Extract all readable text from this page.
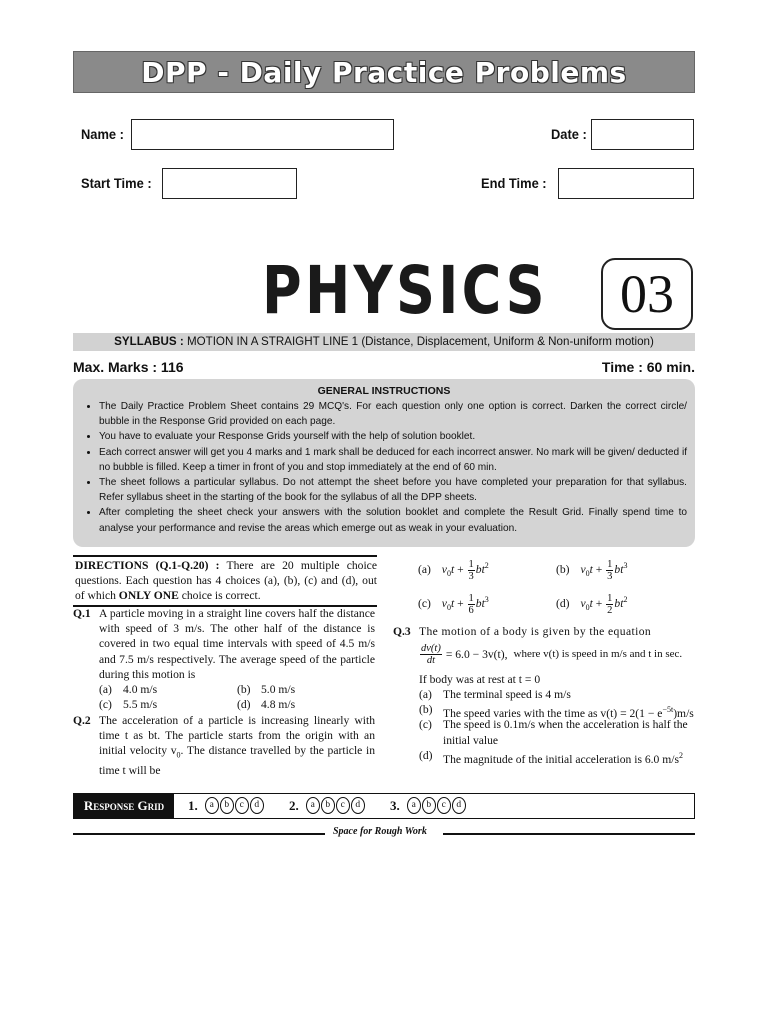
DPP - Daily Practice Problems
Name :	Date :
Start Time :	End Time :
PHYSICS	03
SYLLABUS : MOTION IN A STRAIGHT LINE 1 (Distance, Displacement, Uniform & Non-uniform motion)
Max. Marks : 116	Time : 60 min.
GENERAL INSTRUCTIONS
• The Daily Practice Problem Sheet contains 29 MCQ's. For each question only one option is correct. Darken the correct circle/ bubble in the Response Grid provided on each page.
• You have to evaluate your Response Grids yourself with the help of solution booklet.
• Each correct answer will get you 4 marks and 1 mark shall be deduced for each incorrect answer. No mark will be given/ deducted if no bubble is filled. Keep a timer in front of you and stop immediately at the end of 60 min.
• The sheet follows a particular syllabus. Do not attempt the sheet before you have completed your preparation for that syllabus. Refer syllabus sheet in the starting of the book for the syllabus of all the DPP sheets.
• After completing the sheet check your answers with the solution booklet and complete the Result Grid. Finally spend time to analyse your performance and revise the areas which emerge out as weak in your evaluation.
DIRECTIONS (Q.1-Q.20) : There are 20 multiple choice questions. Each question has 4 choices (a), (b), (c) and (d), out of which ONLY ONE choice is correct.
Q.1 A particle moving in a straight line covers half the distance with speed of 3 m/s. The other half of the distance is covered in two equal time intervals with speed of 4.5 m/s and 7.5 m/s respectively. The average speed of the particle during this motion is
(a) 4.0 m/s	(b) 5.0 m/s
(c) 5.5 m/s	(d) 4.8 m/s
Q.2 The acceleration of a particle is increasing linearly with time t as bt. The particle starts from the origin with an initial velocity $v_0$. The distance travelled by the particle in time t will be
(a) $v_0t + \frac{1}{3} bt^2$	(b) $v_0t + \frac{1}{3} bt^3$
(c) $v_0t + \frac{1}{6} bt^3$	(d) $v_0t + \frac{1}{2} bt^2$
Q.3 The motion of a body is given by the equation
$\frac{dv(t)}{dt} = 6.0 - 3v(t)$, where v(t) is speed in m/s and t in sec.
If body was at rest at t = 0
(a) The terminal speed is 4 m/s
(b) The speed varies with the time as $v(t) = 2(1 - e^{-5t})m/s$
(c) The speed is 0.1m/s when the acceleration is half the initial value
(d) The magnitude of the initial acceleration is 6.0 $m/s^2$
Response Grid	1.	a	b	c	d	2.	a	b	c	d	3.	a	b	c	d
Space for Rough Work
